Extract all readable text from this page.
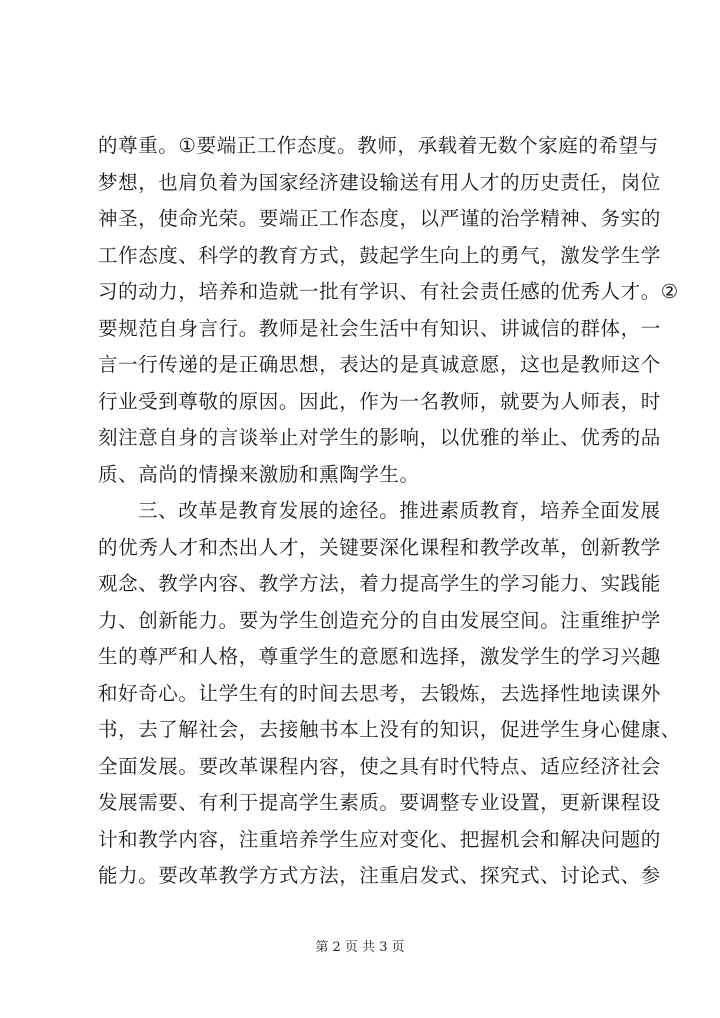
的尊重。①要端正工作态度。教师，承载着无数个家庭的希望与
梦想，也肩负着为国家经济建设输送有用人才的历史责任，岗位
神圣，使命光荣。要端正工作态度，以严谨的治学精神、务实的
工作态度、科学的教育方式，鼓起学生向上的勇气，激发学生学
习的动力，培养和造就一批有学识、有社会责任感的优秀人才。②
要规范自身言行。教师是社会生活中有知识、讲诚信的群体，一
言一行传递的是正确思想，表达的是真诚意愿，这也是教师这个
行业受到尊敬的原因。因此，作为一名教师，就要为人师表，时
刻注意自身的言谈举止对学生的影响，以优雅的举止、优秀的品
质、高尚的情操来激励和熏陶学生。
三、改革是教育发展的途径。推进素质教育，培养全面发展
的优秀人才和杰出人才，关键要深化课程和教学改革，创新教学
观念、教学内容、教学方法，着力提高学生的学习能力、实践能
力、创新能力。要为学生创造充分的自由发展空间。注重维护学
生的尊严和人格，尊重学生的意愿和选择，激发学生的学习兴趣
和好奇心。让学生有的时间去思考，去锻炼，去选择性地读课外
书，去了解社会，去接触书本上没有的知识，促进学生身心健康、
全面发展。要改革课程内容，使之具有时代特点、适应经济社会
发展需要、有利于提高学生素质。要调整专业设置，更新课程设
计和教学内容，注重培养学生应对变化、把握机会和解决问题的
能力。要改革教学方式方法，注重启发式、探究式、讨论式、参
第 2 页 共 3 页
